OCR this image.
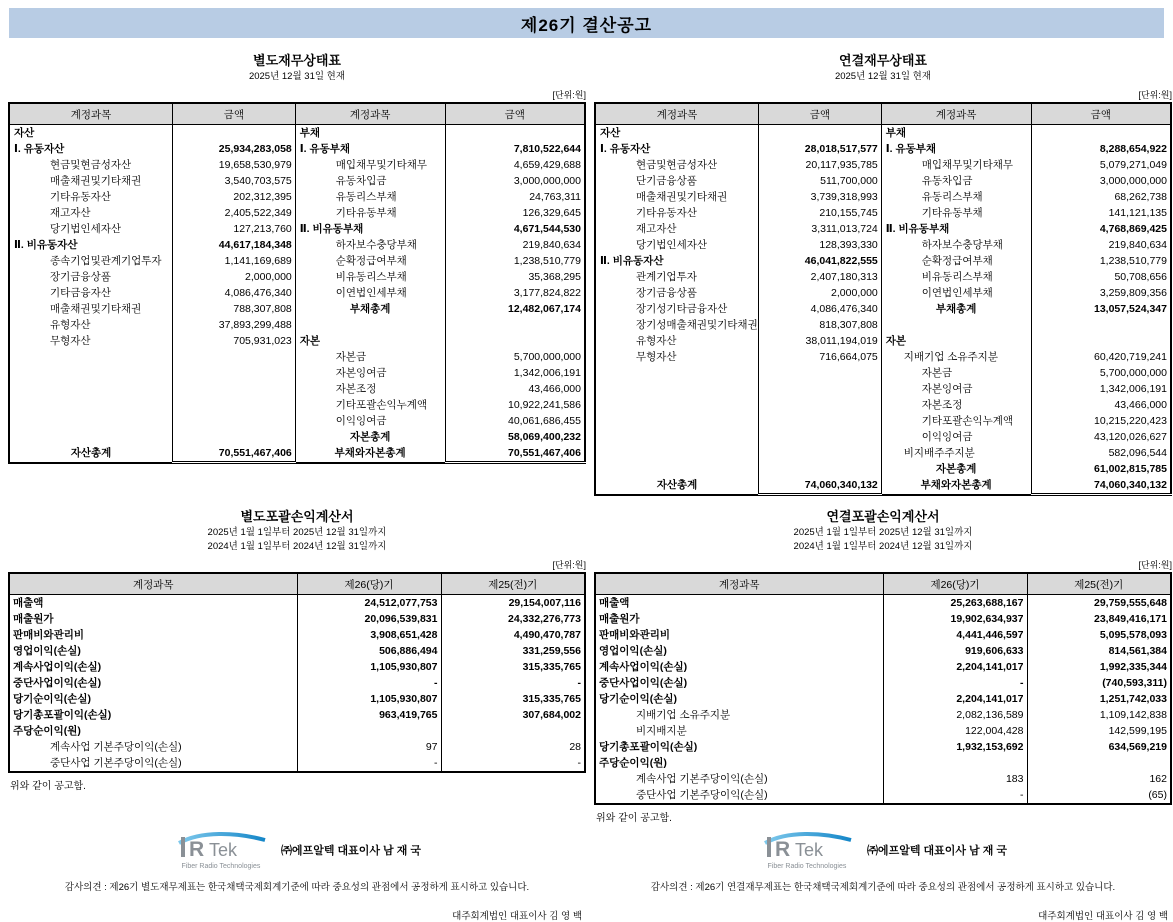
제26기 결산공고
별도재무상태표
2025년 12월 31일 현재
[단위:원]
계정과목	금액	계정과목	금액
자산		부채	
Ⅰ. 유동자산	25,934,283,058	Ⅰ. 유동부채	7,810,522,644
현금및현금성자산	19,658,530,979	매입채무및기타채무	4,659,429,688
매출채권및기타채권	3,540,703,575	유동차입금	3,000,000,000
기타유동자산	202,312,395	유동리스부채	24,763,311
재고자산	2,405,522,349	기타유동부채	126,329,645
당기법인세자산	127,213,760	Ⅱ. 비유동부채	4,671,544,530
Ⅱ. 비유동자산	44,617,184,348	하자보수충당부채	219,840,634
종속기업및관계기업투자	1,141,169,689	순확정급여부채	1,238,510,779
장기금융상품	2,000,000	비유동리스부채	35,368,295
기타금융자산	4,086,476,340	이연법인세부채	3,177,824,822
매출채권및기타채권	788,307,808	부채총계	12,482,067,174
유형자산	37,893,299,488		
무형자산	705,931,023	자본	
		자본금	5,700,000,000
		자본잉여금	1,342,006,191
		자본조정	43,466,000
		기타포괄손익누계액	10,922,241,586
		이익잉여금	40,061,686,455
		자본총계	58,069,400,232
자산총계	70,551,467,406	부채와자본총계	70,551,467,406
별도포괄손익계산서
2025년 1월 1일부터 2025년 12월 31일까지
2024년 1월 1일부터 2024년 12월 31일까지
[단위:원]
계정과목	제26(당)기	제25(전)기
매출액	24,512,077,753	29,154,007,116
매출원가	20,096,539,831	24,332,276,773
판매비와관리비	3,908,651,428	4,490,470,787
영업이익(손실)	506,886,494	331,259,556
계속사업이익(손실)	1,105,930,807	315,335,765
중단사업이익(손실)	-	-
당기순이익(손실)	1,105,930,807	315,335,765
당기총포괄이익(손실)	963,419,765	307,684,002
주당순이익(원)		
계속사업 기본주당이익(손실)	97	28
중단사업 기본주당이익(손실)	-	-
위와 같이 공고함.
R Tek
Fiber Radio Technologies
㈜에프알텍 대표이사 남 재 국
감사의견 : 제26기 별도재무제표는 한국채택국제회계기준에 따라 중요성의 관점에서 공정하게 표시하고 있습니다.
대주회계법인 대표이사 김 영 백
연결재무상태표
2025년 12월 31일 현재
[단위:원]
계정과목	금액	계정과목	금액
자산		부채	
Ⅰ. 유동자산	28,018,517,577	Ⅰ. 유동부채	8,288,654,922
현금및현금성자산	20,117,935,785	매입채무및기타채무	5,079,271,049
단기금융상품	511,700,000	유동차입금	3,000,000,000
매출채권및기타채권	3,739,318,993	유동리스부채	68,262,738
기타유동자산	210,155,745	기타유동부채	141,121,135
재고자산	3,311,013,724	Ⅱ. 비유동부채	4,768,869,425
당기법인세자산	128,393,330	하자보수충당부채	219,840,634
Ⅱ. 비유동자산	46,041,822,555	순확정급여부채	1,238,510,779
관계기업투자	2,407,180,313	비유동리스부채	50,708,656
장기금융상품	2,000,000	이연법인세부채	3,259,809,356
장기성기타금융자산	4,086,476,340	부채총계	13,057,524,347
장기성매출채권및기타채권	818,307,808		
유형자산	38,011,194,019	자본	
무형자산	716,664,075	지배기업 소유주지분	60,420,719,241
		자본금	5,700,000,000
		자본잉여금	1,342,006,191
		자본조정	43,466,000
		기타포괄손익누계액	10,215,220,423
		이익잉여금	43,120,026,627
		비지배주주지분	582,096,544
		자본총계	61,002,815,785
자산총계	74,060,340,132	부채와자본총계	74,060,340,132
연결포괄손익계산서
2025년 1월 1일부터 2025년 12월 31일까지
2024년 1월 1일부터 2024년 12월 31일까지
[단위:원]
계정과목	제26(당)기	제25(전)기
매출액	25,263,688,167	29,759,555,648
매출원가	19,902,634,937	23,849,416,171
판매비와관리비	4,441,446,597	5,095,578,093
영업이익(손실)	919,606,633	814,561,384
계속사업이익(손실)	2,204,141,017	1,992,335,344
중단사업이익(손실)	-	(740,593,311)
당기순이익(손실)	2,204,141,017	1,251,742,033
지배기업 소유주지분	2,082,136,589	1,109,142,838
비지배지분	122,004,428	142,599,195
당기총포괄이익(손실)	1,932,153,692	634,569,219
주당순이익(원)		
계속사업 기본주당이익(손실)	183	162
중단사업 기본주당이익(손실)	-	(65)
위와 같이 공고함.
R Tek
Fiber Radio Technologies
㈜에프알텍 대표이사 남 재 국
감사의견 : 제26기 연결재무제표는 한국채택국제회계기준에 따라 중요성의 관점에서 공정하게 표시하고 있습니다.
대주회계법인 대표이사 김 영 백
